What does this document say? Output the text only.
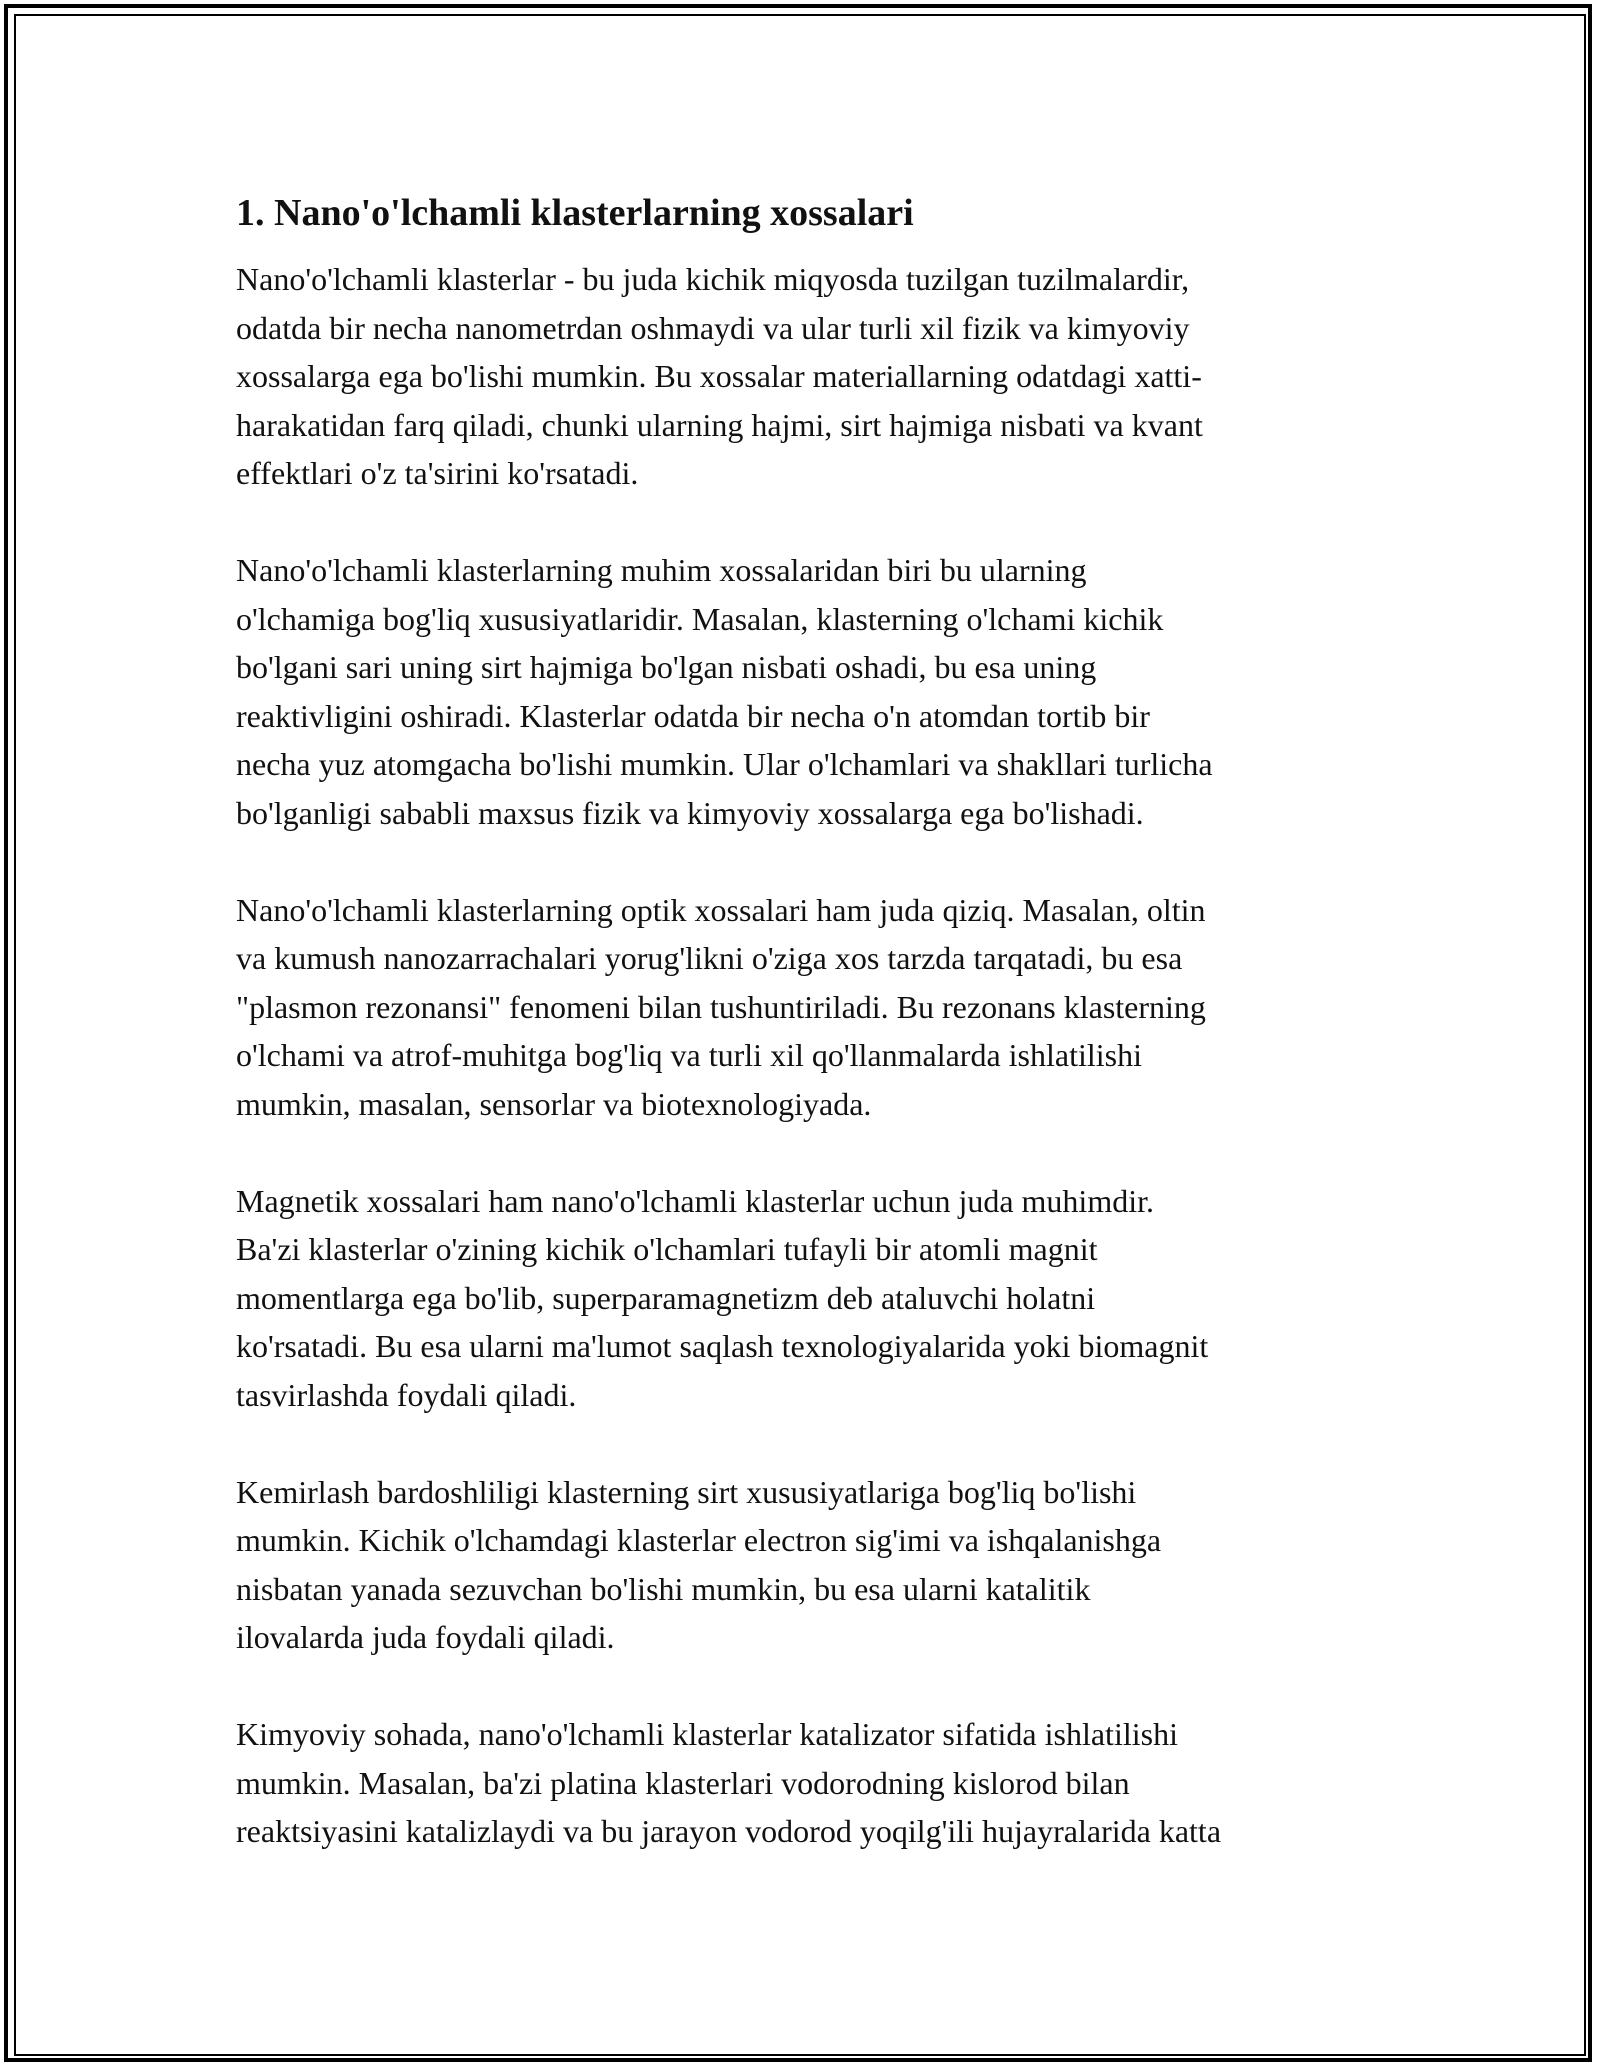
1. Nano'o'lchamli klasterlarning xossalari

Nano'o'lchamli klasterlar - bu juda kichik miqyosda tuzilgan tuzilmalardir,
odatda bir necha nanometrdan oshmaydi va ular turli xil fizik va kimyoviy
xossalarga ega bo'lishi mumkin. Bu xossalar materiallarning odatdagi xatti-
harakatidan farq qiladi, chunki ularning hajmi, sirt hajmiga nisbati va kvant
effektlari o'z ta'sirini ko'rsatadi.

Nano'o'lchamli klasterlarning muhim xossalaridan biri bu ularning
o'lchamiga bog'liq xususiyatlaridir. Masalan, klasterning o'lchami kichik
bo'lgani sari uning sirt hajmiga bo'lgan nisbati oshadi, bu esa uning
reaktivligini oshiradi. Klasterlar odatda bir necha o'n atomdan tortib bir
necha yuz atomgacha bo'lishi mumkin. Ular o'lchamlari va shakllari turlicha
bo'lganligi sababli maxsus fizik va kimyoviy xossalarga ega bo'lishadi.

Nano'o'lchamli klasterlarning optik xossalari ham juda qiziq. Masalan, oltin
va kumush nanozarrachalari yorug'likni o'ziga xos tarzda tarqatadi, bu esa
"plasmon rezonansi" fenomeni bilan tushuntiriladi. Bu rezonans klasterning
o'lchami va atrof-muhitga bog'liq va turli xil qo'llanmalarda ishlatilishi
mumkin, masalan, sensorlar va biotexnologiyada.

Magnetik xossalari ham nano'o'lchamli klasterlar uchun juda muhimdir.
Ba'zi klasterlar o'zining kichik o'lchamlari tufayli bir atomli magnit
momentlarga ega bo'lib, superparamagnetizm deb ataluvchi holatni
ko'rsatadi. Bu esa ularni ma'lumot saqlash texnologiyalarida yoki biomagnit
tasvirlashda foydali qiladi.

Kemirlash bardoshliligi klasterning sirt xususiyatlariga bog'liq bo'lishi
mumkin. Kichik o'lchamdagi klasterlar electron sig'imi va ishqalanishga
nisbatan yanada sezuvchan bo'lishi mumkin, bu esa ularni katalitik
ilovalarda juda foydali qiladi.

Kimyoviy sohada, nano'o'lchamli klasterlar katalizator sifatida ishlatilishi
mumkin. Masalan, ba'zi platina klasterlari vodorodning kislorod bilan
reaktsiyasini katalizlaydi va bu jarayon vodorod yoqilg'ili hujayralarida katta
